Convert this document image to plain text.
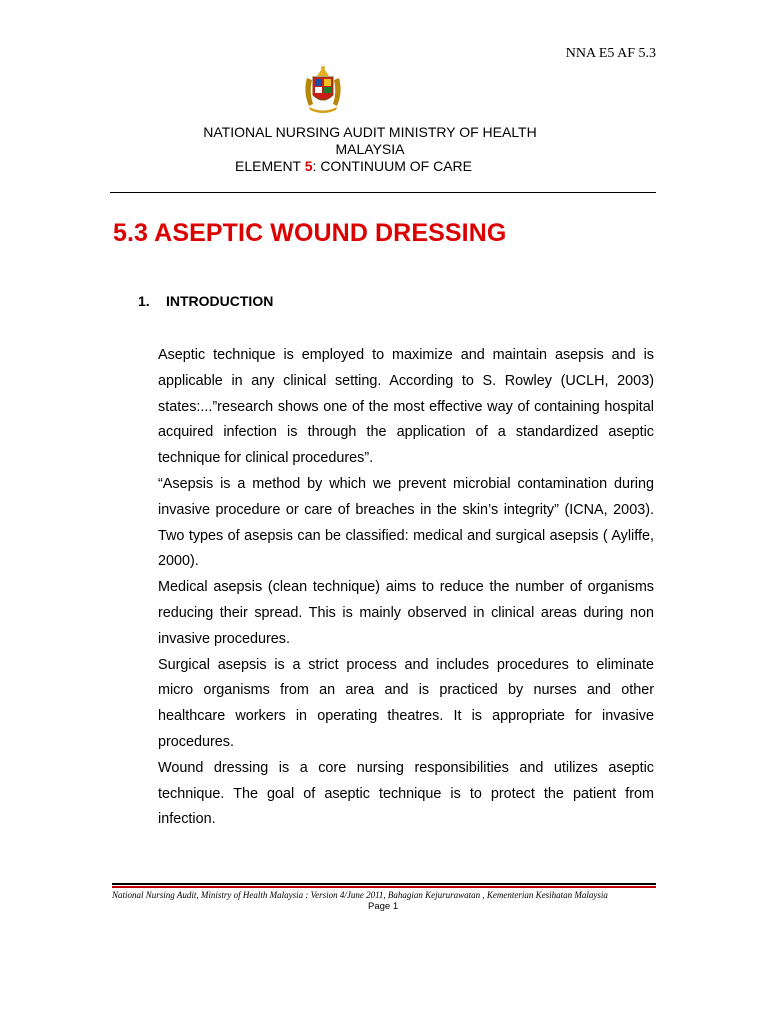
NNA E5 AF 5.3
NATIONAL NURSING AUDIT MINISTRY OF HEALTH
MALAYSIA
ELEMENT 5: CONTINUUM OF CARE
5.3 ASEPTIC WOUND DRESSING
1. INTRODUCTION

Aseptic technique is employed to maximize and maintain asepsis and is applicable in any clinical setting. According to S. Rowley (UCLH, 2003) states:...”research shows one of the most effective way of containing hospital acquired infection is through the application of a standardized aseptic technique for clinical procedures”.

“Asepsis is a method by which we prevent microbial contamination during invasive procedure or care of breaches in the skin’s integrity” (ICNA, 2003). Two types of asepsis can be classified: medical and surgical asepsis ( Ayliffe, 2000).

Medical asepsis (clean technique) aims to reduce the number of organisms reducing their spread. This is mainly observed in clinical areas during non invasive procedures.

Surgical asepsis is a strict process and includes procedures to eliminate micro organisms from an area and is practiced by nurses and other healthcare workers in operating theatres. It is appropriate for invasive procedures.

Wound dressing is a core nursing responsibilities and utilizes aseptic technique. The goal of aseptic technique is to protect the patient from infection.

National Nursing Audit, Ministry of Health Malaysia : Version 4/June 2011, Bahagian Kejururawatan , Kementerian Kesihatan Malaysia
Page 1
